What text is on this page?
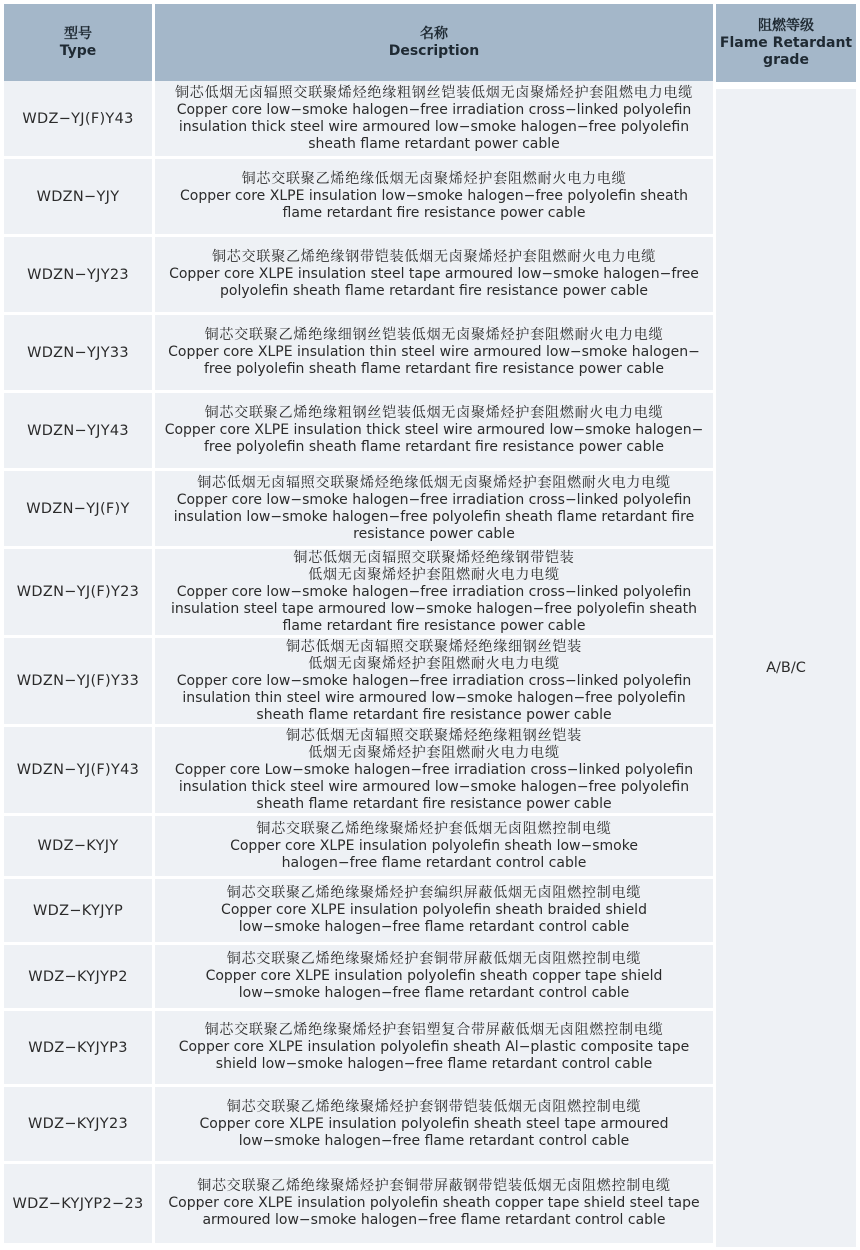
型号
Type
名称
Description
阻燃等级
Flame Retardant
grade
WDZ−YJ(F)Y43
铜芯低烟无卤辐照交联聚烯烃绝缘粗钢丝铠装低烟无卤聚烯烃护套阻燃电力电缆
Copper core low−smoke halogen−free irradiation cross−linked polyolefin
insulation thick steel wire armoured low−smoke halogen−free polyolefin
sheath flame retardant power cable
WDZN−YJY
铜芯交联聚乙烯绝缘低烟无卤聚烯烃护套阻燃耐火电力电缆
Copper core XLPE insulation low−smoke halogen−free polyolefin sheath
flame retardant fire resistance power cable
WDZN−YJY23
铜芯交联聚乙烯绝缘钢带铠装低烟无卤聚烯烃护套阻燃耐火电力电缆
Copper core XLPE insulation steel tape armoured low−smoke halogen−free
polyolefin sheath flame retardant fire resistance power cable
WDZN−YJY33
铜芯交联聚乙烯绝缘细钢丝铠装低烟无卤聚烯烃护套阻燃耐火电力电缆
Copper core XLPE insulation thin steel wire armoured low−smoke halogen−
free polyolefin sheath flame retardant fire resistance power cable
WDZN−YJY43
铜芯交联聚乙烯绝缘粗钢丝铠装低烟无卤聚烯烃护套阻燃耐火电力电缆
Copper core XLPE insulation thick steel wire armoured low−smoke halogen−
free polyolefin sheath flame retardant fire resistance power cable
WDZN−YJ(F)Y
铜芯低烟无卤辐照交联聚烯烃绝缘低烟无卤聚烯烃护套阻燃耐火电力电缆
Copper core low−smoke halogen−free irradiation cross−linked polyolefin
insulation low−smoke halogen−free polyolefin sheath flame retardant fire
resistance power cable
WDZN−YJ(F)Y23
铜芯低烟无卤辐照交联聚烯烃绝缘钢带铠装
低烟无卤聚烯烃护套阻燃耐火电力电缆
Copper core low−smoke halogen−free irradiation cross−linked polyolefin
insulation steel tape armoured low−smoke halogen−free polyolefin sheath
flame retardant fire resistance power cable
WDZN−YJ(F)Y33
铜芯低烟无卤辐照交联聚烯烃绝缘细钢丝铠装
低烟无卤聚烯烃护套阻燃耐火电力电缆
Copper core low−smoke halogen−free irradiation cross−linked polyolefin
insulation thin steel wire armoured low−smoke halogen−free polyolefin
sheath flame retardant fire resistance power cable
WDZN−YJ(F)Y43
铜芯低烟无卤辐照交联聚烯烃绝缘粗钢丝铠装
低烟无卤聚烯烃护套阻燃耐火电力电缆
Copper core Low−smoke halogen−free irradiation cross−linked polyolefin
insulation thick steel wire armoured low−smoke halogen−free polyolefin
sheath flame retardant fire resistance power cable
WDZ−KYJY
铜芯交联聚乙烯绝缘聚烯烃护套低烟无卤阻燃控制电缆
Copper core XLPE insulation polyolefin sheath low−smoke
halogen−free flame retardant control cable
WDZ−KYJYP
铜芯交联聚乙烯绝缘聚烯烃护套编织屏蔽低烟无卤阻燃控制电缆
Copper core XLPE insulation polyolefin sheath braided shield
low−smoke halogen−free flame retardant control cable
WDZ−KYJYP2
铜芯交联聚乙烯绝缘聚烯烃护套铜带屏蔽低烟无卤阻燃控制电缆
Copper core XLPE insulation polyolefin sheath copper tape shield
low−smoke halogen−free flame retardant control cable
WDZ−KYJYP3
铜芯交联聚乙烯绝缘聚烯烃护套铝塑复合带屏蔽低烟无卤阻燃控制电缆
Copper core XLPE insulation polyolefin sheath Al−plastic composite tape
shield low−smoke halogen−free flame retardant control cable
WDZ−KYJY23
铜芯交联聚乙烯绝缘聚烯烃护套钢带铠装低烟无卤阻燃控制电缆
Copper core XLPE insulation polyolefin sheath steel tape armoured
low−smoke halogen−free flame retardant control cable
WDZ−KYJYP2−23
铜芯交联聚乙烯绝缘聚烯烃护套铜带屏蔽钢带铠装低烟无卤阻燃控制电缆
Copper core XLPE insulation polyolefin sheath copper tape shield steel tape
armoured low−smoke halogen−free flame retardant control cable
A/B/C
